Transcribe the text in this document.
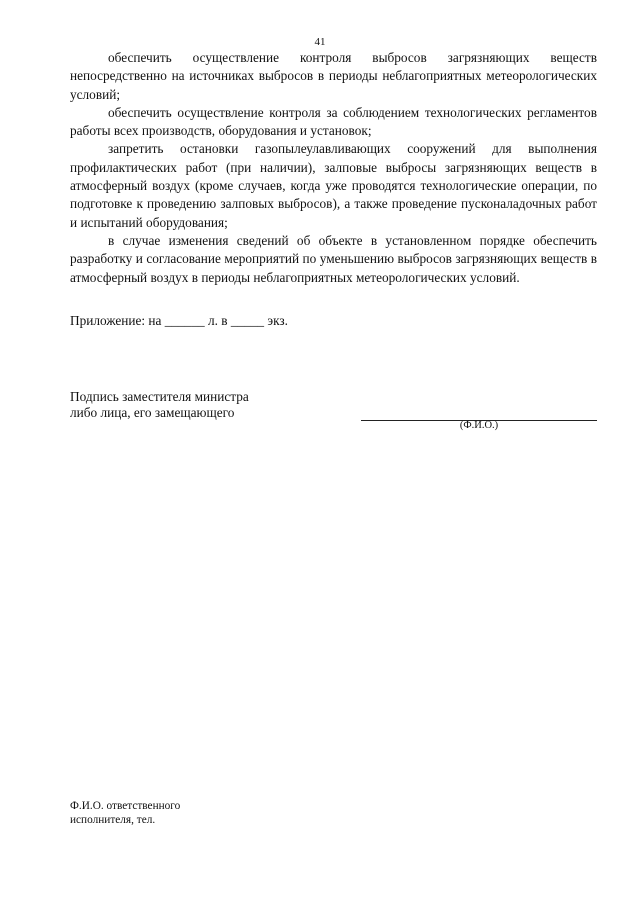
41

обеспечить осуществление контроля выбросов загрязняющих веществ непосредственно на источниках выбросов в периоды неблагоприятных метеорологических условий;

обеспечить осуществление контроля за соблюдением технологических регламентов работы всех производств, оборудования и установок;

запретить остановки газопылеулавливающих сооружений для выполнения профилактических работ (при наличии), залповые выбросы загрязняющих веществ в атмосферный воздух (кроме случаев, когда уже проводятся технологические операции, по подготовке к проведению залповых выбросов), а также проведение пусконаладочных работ и испытаний оборудования;

в случае изменения сведений об объекте в установленном порядке обеспечить разработку и согласование мероприятий по уменьшению выбросов загрязняющих веществ в атмосферный воздух в периоды неблагоприятных метеорологических условий.

Приложение: на ______ л. в _____ экз.
Подпись заместителя министра
либо лица, его замещающего
(Ф.И.О.)
Ф.И.О. ответственного
исполнителя, тел.
